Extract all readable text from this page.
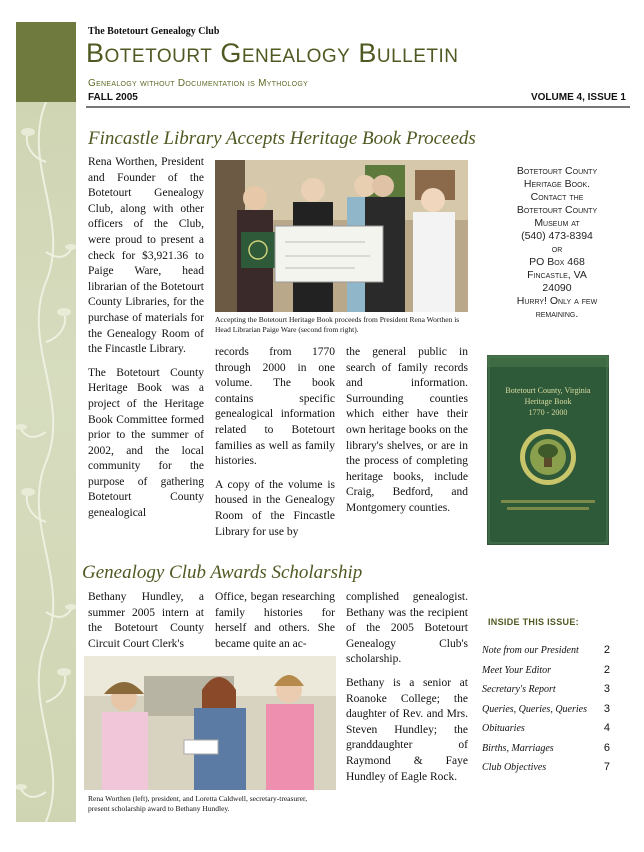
The Botetourt Genealogy Club
Botetourt Genealogy Bulletin
Genealogy without Documentation is Mythology
FALL 2005	VOLUME 4, ISSUE 1
Fincastle Library Accepts Heritage Book Proceeds

Rena Worthen, President and Founder of the Botetourt Genealogy Club, along with other officers of the Club, were proud to present a check for $3,921.36 to Paige Ware, head librarian of the Botetourt County Libraries, for the purchase of materials for the Genealogy Room of the Fincastle Library.

The Botetourt County Heritage Book was a project of the Heritage Book Committee formed prior to the summer of 2002, and the local community for the purpose of gathering Botetourt County genealogical

Accepting the Botetourt Heritage Book proceeds from President Rena Worthen is Head Librarian Paige Ware (second from right).

records from 1770 through 2000 in one volume. The book contains specific genealogical information related to Botetourt families as well as family histories.

A copy of the volume is housed in the Genealogy Room of the Fincastle Library for use by

the general public in search of family records and information. Surrounding counties which either have their own heritage books on the library's shelves, or are in the process of completing heritage books, include Craig, Bedford, and Montgomery counties.

Botetourt County
Heritage Book.
Contact the
Botetourt County
Museum at
(540) 473-8394
or
PO Box 468
Fincastle, VA
24090
Hurry! Only a few
remaining.
Botetourt County, Virginia
Heritage Book
1770 - 2000
Genealogy Club Awards Scholarship

Bethany Hundley, a summer 2005 intern at the Botetourt County Circuit Court Clerk's

Office, began researching family histories for herself and others. She became quite an ac-

complished genealogist. Bethany was the recipient of the 2005 Botetourt Genealogy Club's scholarship.

Bethany is a senior at Roanoke College; the daughter of Rev. and Mrs. Steven Hundley; the granddaughter of Raymond & Faye Hundley of Eagle Rock.

Rena Worthen (left), president, and Loretta Caldwell, secretary-treasurer, present scholarship award to Bethany Hundley.
INSIDE THIS ISSUE:
Note from our President 2
Meet Your Editor	2
Secretary's Report	3
Queries, Queries, Queries 3
Obituaries	4
Births, Marriages	6
Club Objectives	7
